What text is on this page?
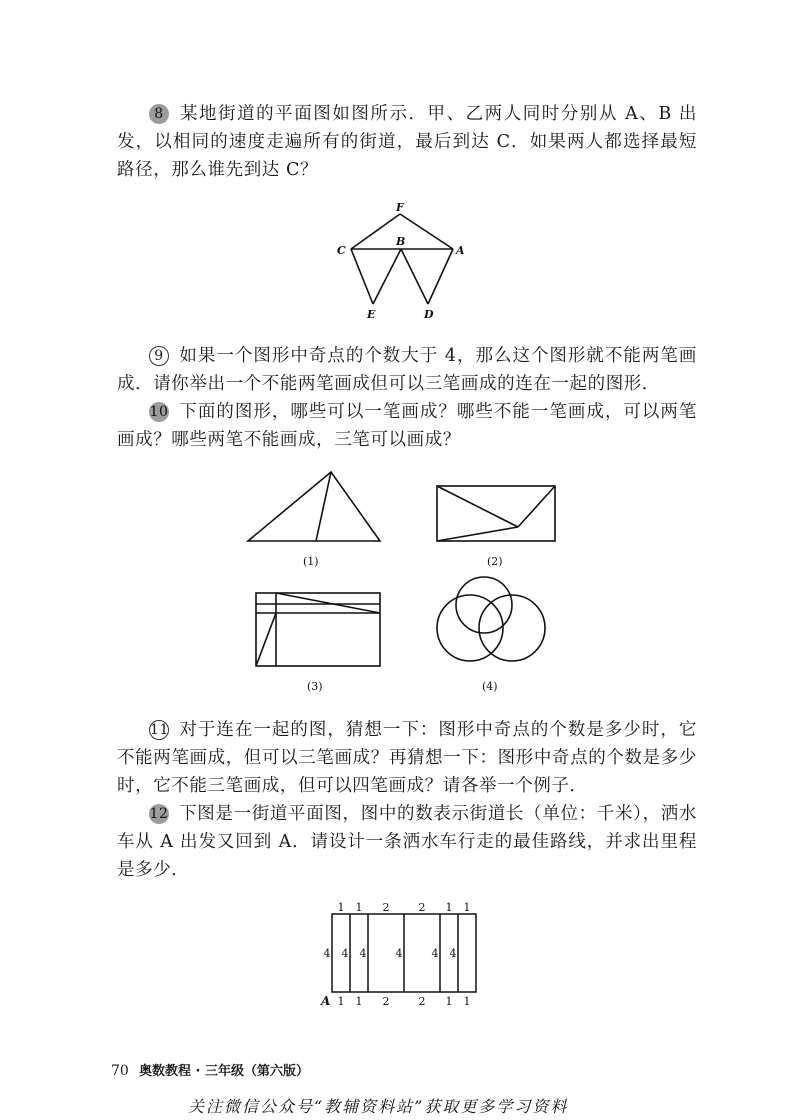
8 某地街道的平面图如图所示．甲、乙两人同时分别从 A、B 出发，以相同的速度走遍所有的街道，最后到达 C．如果两人都选择最短路径，那么谁先到达 C？

F
C
B
A
E	D

9 如果一个图形中奇点的个数大于 4，那么这个图形就不能两笔画成．请你举出一个不能两笔画成但可以三笔画成的连在一起的图形．

10 下面的图形，哪些可以一笔画成？哪些不能一笔画成，可以两笔画成？哪些两笔不能画成，三笔可以画成？

(1)	(2)
(3)	(4)

11 对于连在一起的图，猜想一下：图形中奇点的个数是多少时，它不能两笔画成，但可以三笔画成？再猜想一下：图形中奇点的个数是多少时，它不能三笔画成，但可以四笔画成？请各举一个例子．

12 下图是一街道平面图，图中的数表示街道长（单位：千米），洒水车从 A 出发又回到 A．请设计一条洒水车行走的最佳路线，并求出里程是多少．

1 1 2	2 1 1
1 1 2	2 1 1
4 4 4	4	4 4
A
70 奥数教程 · 三年级（第六版）
关注微信公众号“教辅资料站”获取更多学习资料
